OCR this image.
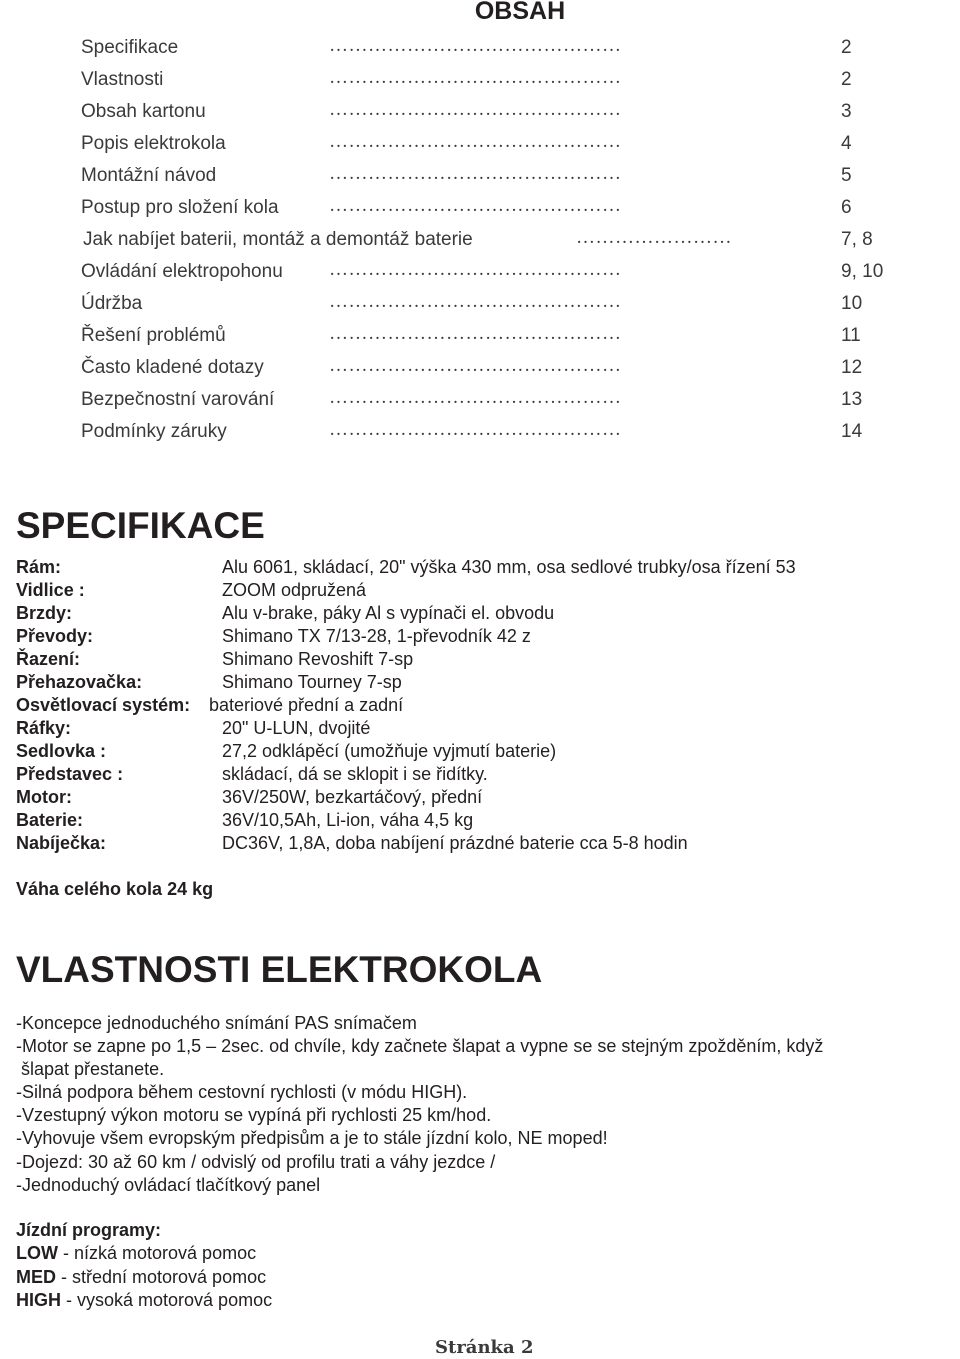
OBSAH
Specifikace	………………………………………	2
Vlastnosti	………………………………………	2
Obsah kartonu	………………………………………	3
Popis elektrokola	………………………………………	4
Montážní návod	………………………………………	5
Postup pro složení kola	………………………………………	6
Jak nabíjet baterii, montáž a demontáž baterie	……………………	7, 8
Ovládání elektropohonu ………………………………………	9, 10
Údržba	………………………………………	10
Řešení problémů	………………………………………	11
Často kladené dotazy	………………………………………	12
Bezpečnostní varování	………………………………………	13
Podmínky záruky	………………………………………	14
SPECIFIKACE
Rám:	Alu 6061, skládací, 20" výška 430 mm, osa sedlové trubky/osa řízení 53
Vidlice :	ZOOM odpružená
Brzdy:	Alu v-brake, páky Al s vypínači el. obvodu
Převody:	Shimano TX 7/13-28, 1-převodník 42 z
Řazení:	Shimano Revoshift 7-sp
Přehazovačka:	Shimano Tourney 7-sp
Osvětlovací systém: bateriové přední a zadní
Ráfky:	20" U-LUN, dvojité
Sedlovka :	27,2 odklápěcí (umožňuje vyjmutí baterie)
Představec :	skládací, dá se sklopit i se řidítky.
Motor:	36V/250W, bezkartáčový, přední
Baterie:	36V/10,5Ah, Li-ion, váha 4,5 kg
Nabíječka:	DC36V, 1,8A, doba nabíjení prázdné baterie cca 5-8 hodin
Váha celého kola 24 kg
VLASTNOSTI ELEKTROKOLA
-Koncepce jednoduchého snímání PAS snímačem
-Motor se zapne po 1,5 – 2sec. od chvíle, kdy začnete šlapat a vypne se se stejným zpožděním, když
šlapat přestanete.
-Silná podpora během cestovní rychlosti (v módu HIGH).
-Vzestupný výkon motoru se vypíná při rychlosti 25 km/hod.
-Vyhovuje všem evropským předpisům a je to stále jízdní kolo, NE moped!
-Dojezd: 30 až 60 km / odvislý od profilu trati a váhy jezdce /
-Jednoduchý ovládací tlačítkový panel
Jízdní programy:
LOW - nízká motorová pomoc
MED - střední motorová pomoc
HIGH - vysoká motorová pomoc
Stránka 2
